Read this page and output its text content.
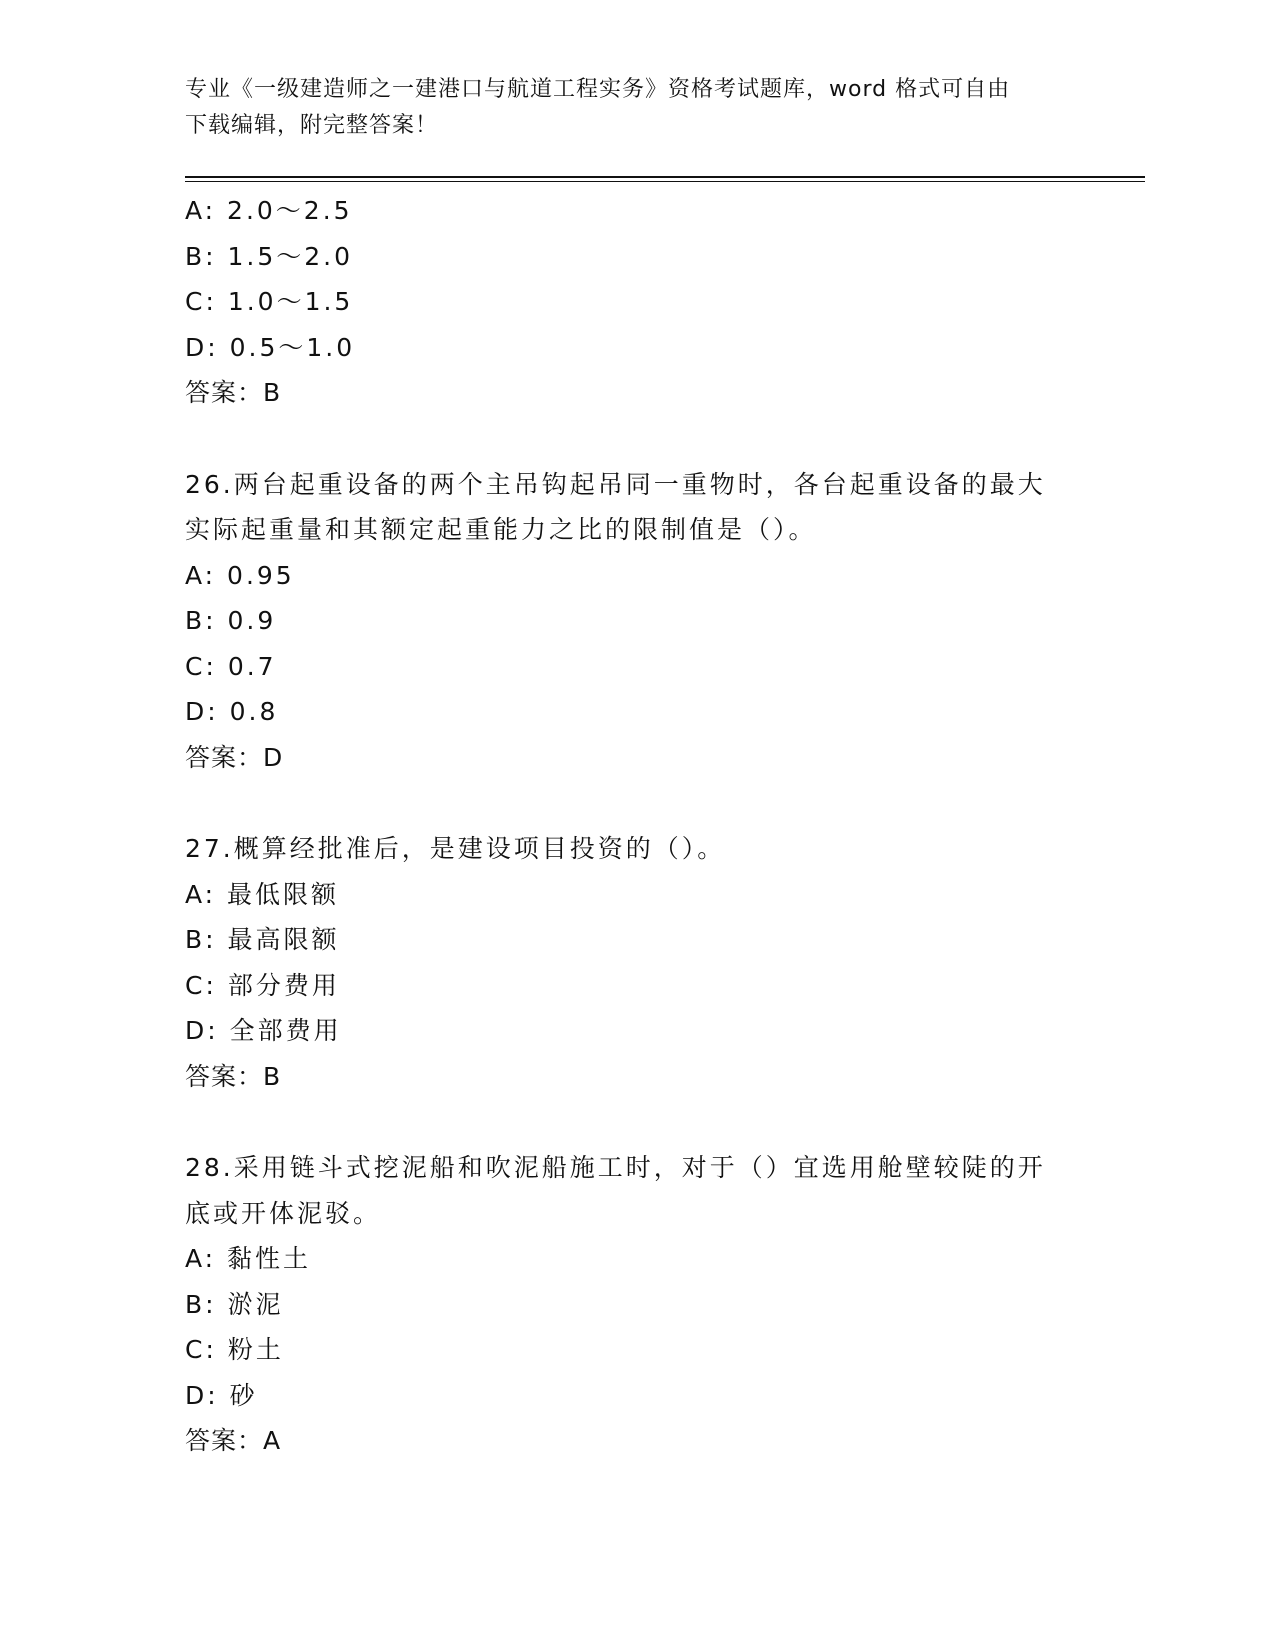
专业《一级建造师之一建港口与航道工程实务》资格考试题库，word 格式可自由
下载编辑，附完整答案！
A: 2.0～2.5
B: 1.5～2.0
C: 1.0～1.5
D: 0.5～1.0
答案：B
26.两台起重设备的两个主吊钩起吊同一重物时，各台起重设备的最大
实际起重量和其额定起重能力之比的限制值是（）。
A: 0.95
B: 0.9
C: 0.7
D: 0.8
答案：D
27.概算经批准后，是建设项目投资的（）。
A: 最低限额
B: 最高限额
C: 部分费用
D: 全部费用
答案：B
28.采用链斗式挖泥船和吹泥船施工时，对于（）宜选用舱壁较陡的开
底或开体泥驳。
A: 黏性土
B: 淤泥
C: 粉土
D: 砂
答案：A
